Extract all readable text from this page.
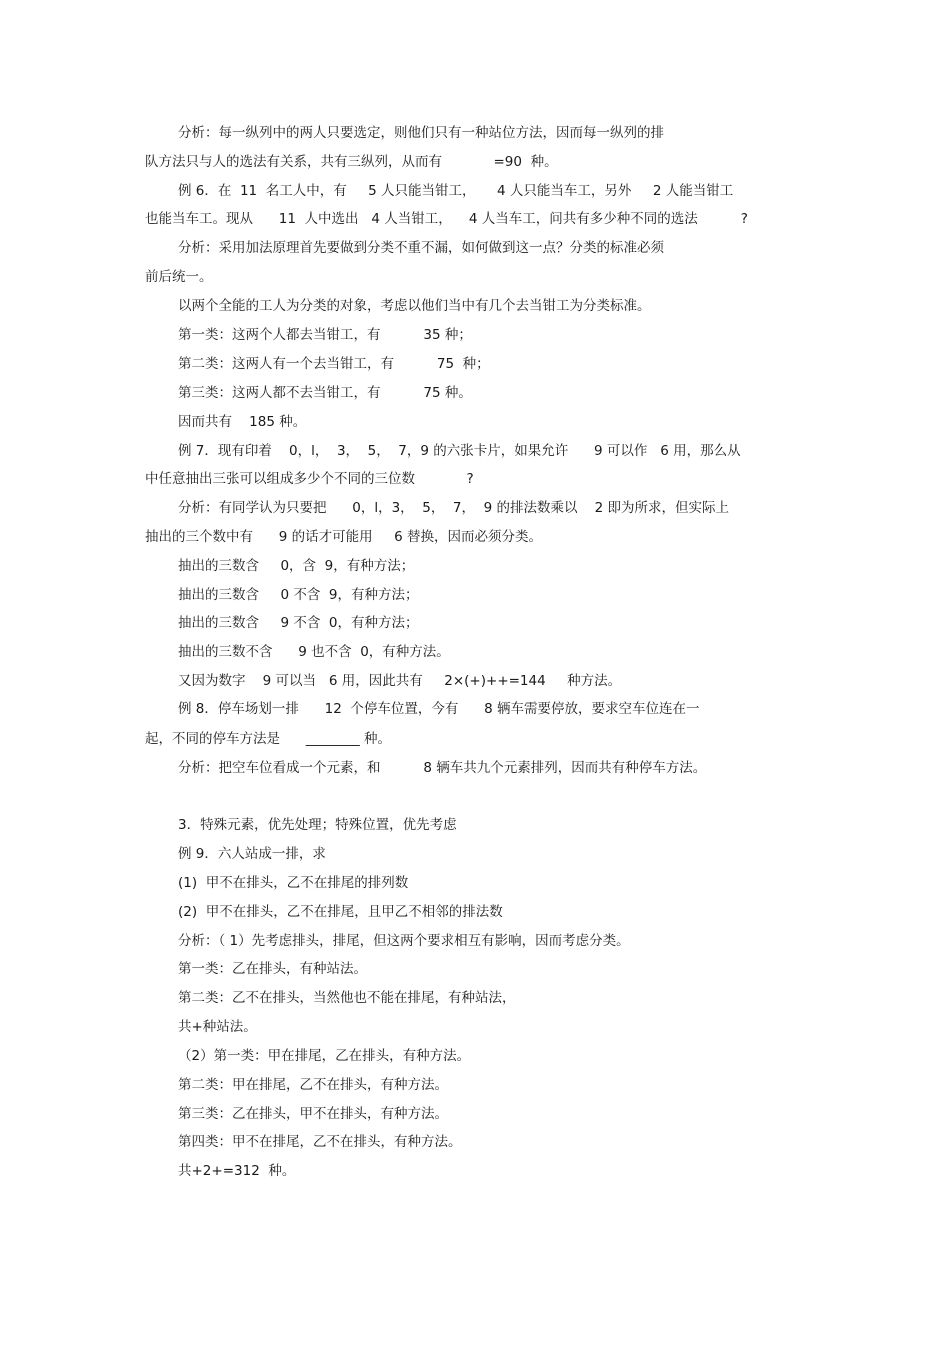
分析：每一纵列中的两人只要选定，则他们只有一种站位方法，因而每一纵列的排

队方法只与人的选法有关系，共有三纵列，从而有            =90  种。

例 6．在  11  名工人中，有     5 人只能当钳工，     4 人只能当车工，另外     2 人能当钳工

也能当车工。现从      11  人中选出   4 人当钳工，    4 人当车工，问共有多少种不同的选法          ?

分析：采用加法原理首先要做到分类不重不漏，如何做到这一点？分类的标准必须

前后统一。

以两个全能的工人为分类的对象，考虑以他们当中有几个去当钳工为分类标准。

第一类：这两个人都去当钳工，有          35 种；

第二类：这两人有一个去当钳工，有          75  种；

第三类：这两人都不去当钳工，有          75 种。

因而共有    185 种。

例 7．现有印着    0，l，  3，  5，  7，9 的六张卡片，如果允许      9 可以作   6 用，那么从

中任意抽出三张可以组成多少个不同的三位数            ?

分析：有同学认为只要把      0，l，3，  5，  7，  9 的排法数乘以    2 即为所求，但实际上

抽出的三个数中有      9 的话才可能用     6 替换，因而必须分类。

抽出的三数含     0，含  9，有种方法；

抽出的三数含     0 不含  9，有种方法；

抽出的三数含     9 不含  0，有种方法；

抽出的三数不含      9 也不含  0，有种方法。

又因为数字    9 可以当   6 用，因此共有     2×(+)++=144     种方法。

例 8．停车场划一排      12  个停车位置，今有      8 辆车需要停放，要求空车位连在一

起，不同的停车方法是      ________ 种。

分析：把空车位看成一个元素，和          8 辆车共九个元素排列，因而共有种停车方法。

3．特殊元素，优先处理；特殊位置，优先考虑

例 9．六人站成一排，求

(1)  甲不在排头，乙不在排尾的排列数

(2)  甲不在排头，乙不在排尾，且甲乙不相邻的排法数

分析：（ 1）先考虑排头，排尾，但这两个要求相互有影响，因而考虑分类。

第一类：乙在排头，有种站法。

第二类：乙不在排头，当然他也不能在排尾，有种站法，

共+种站法。

（2）第一类：甲在排尾，乙在排头，有种方法。

第二类：甲在排尾，乙不在排头，有种方法。

第三类：乙在排头，甲不在排头，有种方法。

第四类：甲不在排尾，乙不在排头，有种方法。

共+2+=312  种。
